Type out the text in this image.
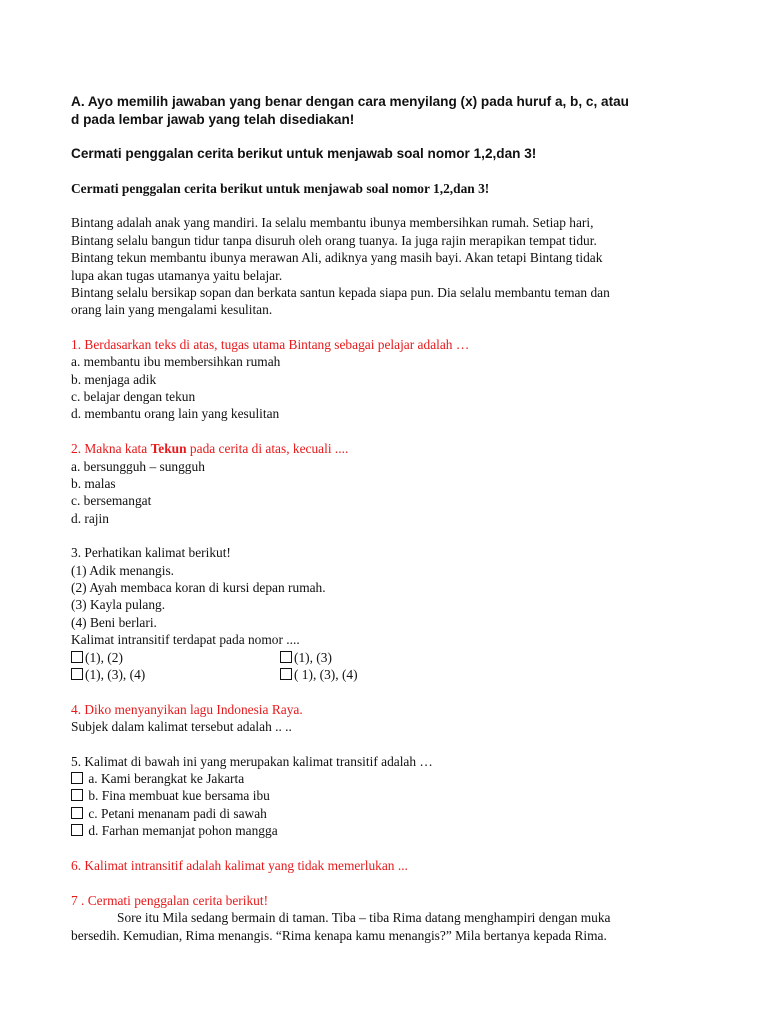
A. Ayo memilih jawaban yang benar dengan cara menyilang (x) pada huruf a, b, c, atau
d pada lembar jawab yang telah disediakan!
Cermati penggalan cerita berikut untuk menjawab soal nomor 1,2,dan 3!
Cermati penggalan cerita berikut untuk menjawab soal nomor 1,2,dan 3!
Bintang adalah anak yang mandiri. Ia selalu membantu ibunya membersihkan rumah. Setiap hari,
Bintang selalu bangun tidur tanpa disuruh oleh orang tuanya. Ia juga rajin merapikan tempat tidur.
Bintang tekun membantu ibunya merawan Ali, adiknya yang masih bayi. Akan tetapi Bintang tidak
lupa akan tugas utamanya yaitu belajar.
Bintang selalu bersikap sopan dan berkata santun kepada siapa pun. Dia selalu membantu teman dan
orang lain yang mengalami kesulitan.
1. Berdasarkan teks di atas, tugas utama Bintang sebagai pelajar adalah …
a. membantu ibu membersihkan rumah
b. menjaga adik
c. belajar dengan tekun
d. membantu orang lain yang kesulitan
2. Makna kata Tekun pada cerita di atas, kecuali ....
a. bersungguh – sungguh
b. malas
c. bersemangat
d. rajin
3. Perhatikan kalimat berikut!
(1) Adik menangis.
(2) Ayah membaca koran di kursi depan rumah.
(3) Kayla pulang.
(4) Beni berlari.
Kalimat intransitif terdapat pada nomor ....
(1), (2)	(1), (3)
(1), (3), (4)	( 1), (3), (4)
4. Diko menyanyikan lagu Indonesia Raya.
Subjek dalam kalimat tersebut adalah .. ..
5. Kalimat di bawah ini yang merupakan kalimat transitif adalah …
a. Kami berangkat ke Jakarta
b. Fina membuat kue bersama ibu
c. Petani menanam padi di sawah
d. Farhan memanjat pohon mangga
6. Kalimat intransitif adalah kalimat yang tidak memerlukan ...
7 . Cermati penggalan cerita berikut!
Sore itu Mila sedang bermain di taman. Tiba – tiba Rima datang menghampiri dengan muka
bersedih. Kemudian, Rima menangis. “Rima kenapa kamu menangis?” Mila bertanya kepada Rima.
